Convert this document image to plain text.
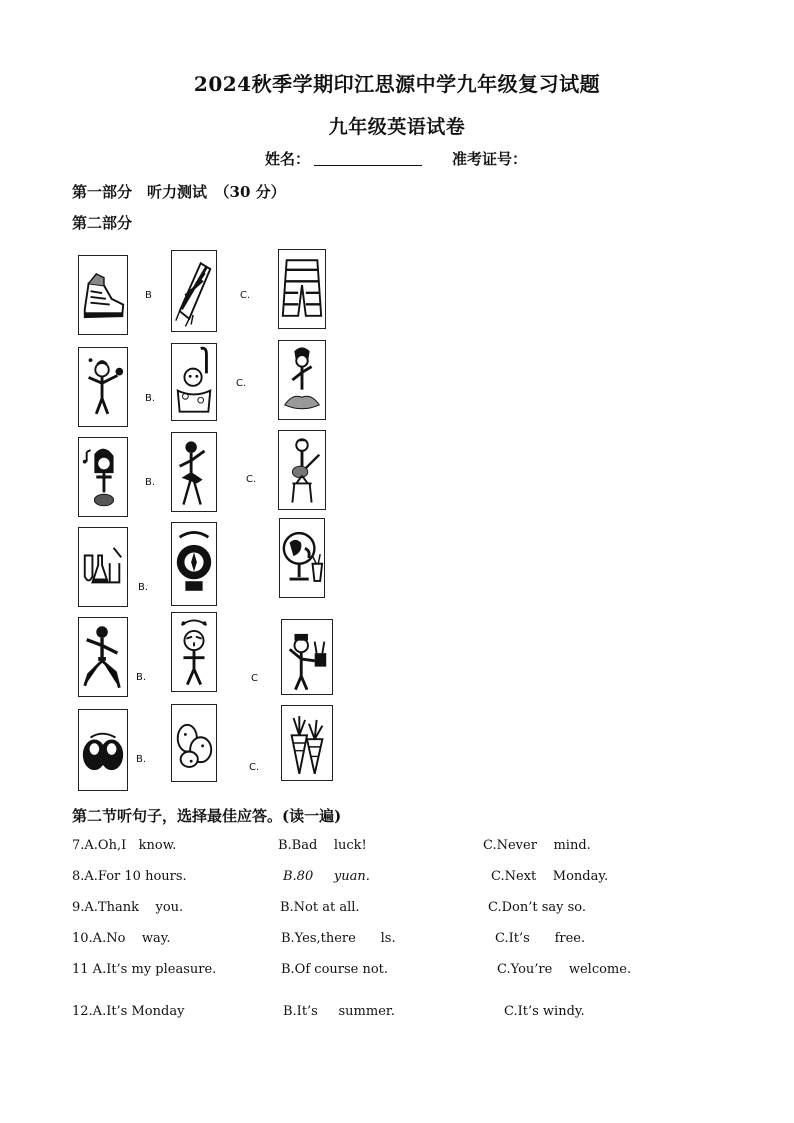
2024秋季学期印江思源中学九年级复习试题
九年级英语试卷
姓名：	准考证号：
第一部分　听力测试　（30 分）
第二部分
B	C.
B.
C.
B.	C.
B.
B.	C
B.
C.
第二节听句子，选择最佳应答。(读一遍)
7.A.Oh,I   know.	B.Bad    luck!	C.Never    mind.
8.A.For 10 hours.	B.80     yuan.	C.Next    Monday.
9.A.Thank    you.	B.Not at all.	C.Don’t say so.
10.A.No    way.	B.Yes,there      ls.	C.It’s      free.
11 A.It’s my pleasure.	B.Of course not.	C.You’re    welcome.
12.A.It’s Monday	B.It’s     summer.	C.It’s windy.
